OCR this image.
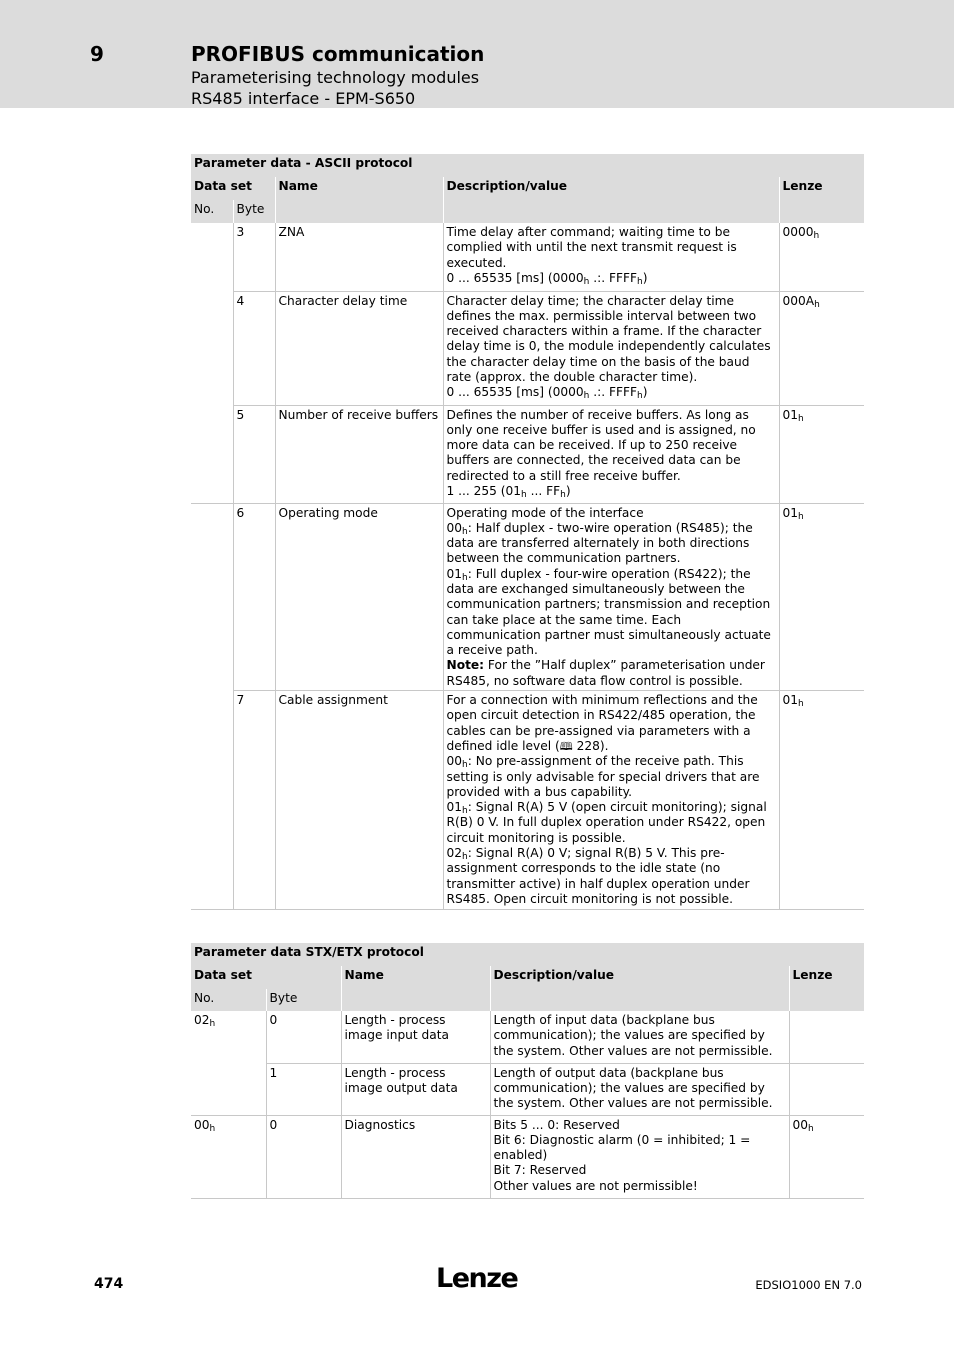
9	PROFIBUS communication
Parameterising technology modules
RS485 interface - EPM-S650
Parameter data - ASCII protocol				
Data set		Name	Description/value	Lenze
No.	Byte			
	3	ZNA	Time delay after command; waiting time to be complied with until the next transmit request is executed.
0 ... 65535 [ms] ($0000_h$ .:. $FFFF_h$)	$0000_h$
	4	Character delay time	Character delay time; the character delay time defines the max. permissible interval between two received characters within a frame. If the character delay time is 0, the module independently calculates the character delay time on the basis of the baud rate (approx. the double character time).
0 ... 65535 [ms] ($0000_h$ .:. $FFFF_h$)	$000A_h$
	5	Number of receive buffers	Defines the number of receive buffers. As long as only one receive buffer is used and is assigned, no more data can be received. If up to 250 receive buffers are connected, the received data can be redirected to a still free receive buffer.
1 ... 255 ($01_h$ ... $FF_h$)	$01_h$
	6	Operating mode	Operating mode of the interface
$00_h$: Half duplex - two-wire operation (RS485); the data are transferred alternately in both directions between the communication partners.
$01_h$: Full duplex - four-wire operation (RS422); the data are exchanged simultaneously between the communication partners; transmission and reception can take place at the same time. Each communication partner must simultaneously actuate a receive path.
Note: For the ”Half duplex” parameterisation under RS485, no software data flow control is possible.	$01_h$
	7	Cable assignment	For a connection with minimum reflections and the open circuit detection in RS422/485 operation, the cables can be pre-assigned via parameters with a defined idle level (🕮 228).
$00_h$: No pre-assignment of the receive path. This setting is only advisable for special drivers that are provided with a bus capability.
$01_h$: Signal R(A) 5 V (open circuit monitoring); signal R(B) 0 V. In full duplex operation under RS422, open circuit monitoring is possible.
$02_h$: Signal R(A) 0 V; signal R(B) 5 V. This pre-assignment corresponds to the idle state (no transmitter active) in half duplex operation under RS485. Open circuit monitoring is not possible.	$01_h$
Parameter data STX/ETX protocol				
Data set		Name	Description/value	Lenze
No.	Byte			
$02_h$	0	Length - process image input data	Length of input data (backplane bus communication); the values are specified by the system. Other values are not permissible.	
	1	Length - process image output data	Length of output data (backplane bus communication); the values are specified by the system. Other values are not permissible.	
$00_h$	0	Diagnostics	Bits 5 ... 0: Reserved
Bit 6: Diagnostic alarm (0 = inhibited; 1 = enabled)
Bit 7: Reserved
Other values are not permissible!	$00_h$
474	Lenze	EDSIO1000 EN 7.0
